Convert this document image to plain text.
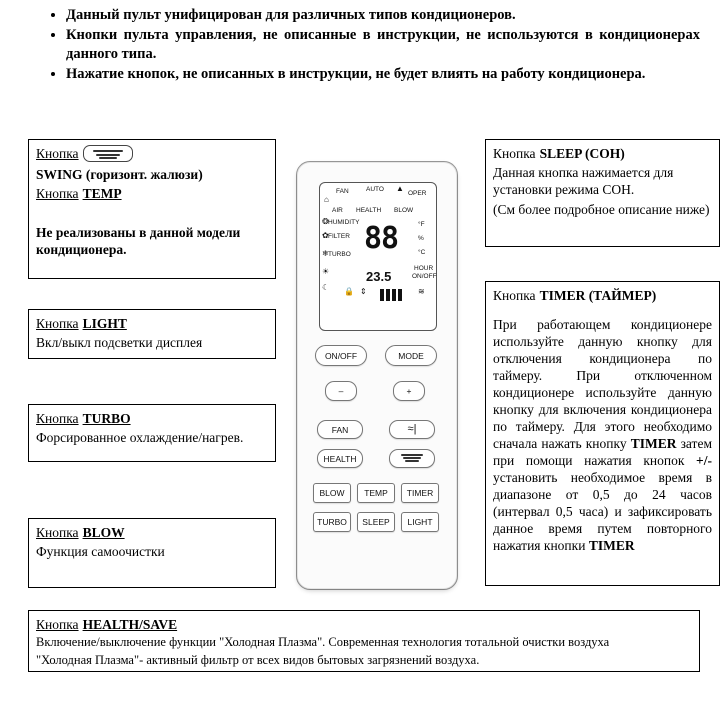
• Данный пульт унифицирован для различных типов кондиционеров.
• Кнопки пульта управления, не описанные в инструкции, не используются в кондиционерах данного типа.
• Нажатие кнопок, не описанных в инструкции, не будет влиять на работу кондиционера.
Кнопка
SWING (горизонт. жалюзи)
Кнопка TEMP

Не реализованы в данной модели кондиционера.

Кнопка LIGHT

Вкл/выкл подсветки дисплея

Кнопка TURBO

Форсированное охлаждение/нагрев.

Кнопка BLOW

Функция самоочистки

Кнопка SLEEP (СОН)

Данная кнопка нажимается для установки режима СОН.

(См более подробное описание ниже)

Кнопка TIMER (ТАЙМЕР)

При работающем кондиционере используйте данную кнопку для отключения кондиционера по таймеру. При отключенном кондиционере используйте данную кнопку для включения кондиционера по таймеру. Для этого необходимо сначала нажать кнопку TIMER затем при помощи нажатия кнопок +/- установить необходимое время в диапазоне от 0,5 до 24 часов (интервал 0,5 часа) и зафиксировать данное время путем повторного нажатия кнопки TIMER

Кнопка HEALTH/SAVE

Включение/выключение функции "Холодная Плазма". Современная технология тотальной очистки воздуха

"Холодная Плазма"- активный фильтр от всех видов бытовых загрязнений воздуха.

FAN	AUTO
OPER
▲
⌂
AIR HEALTH BLOW
HUMIDITY
FILTER
TURBO
❂
✿
❄
☀
☾
88	°F
%
°C
HOUR
ON/OFF
23.5
🔒 ⇕	≋
ON/OFF	MODE
–	+
FAN	≈|
HEALTH
BLOW	TEMP	TIMER
TURBO	SLEEP	LIGHT
